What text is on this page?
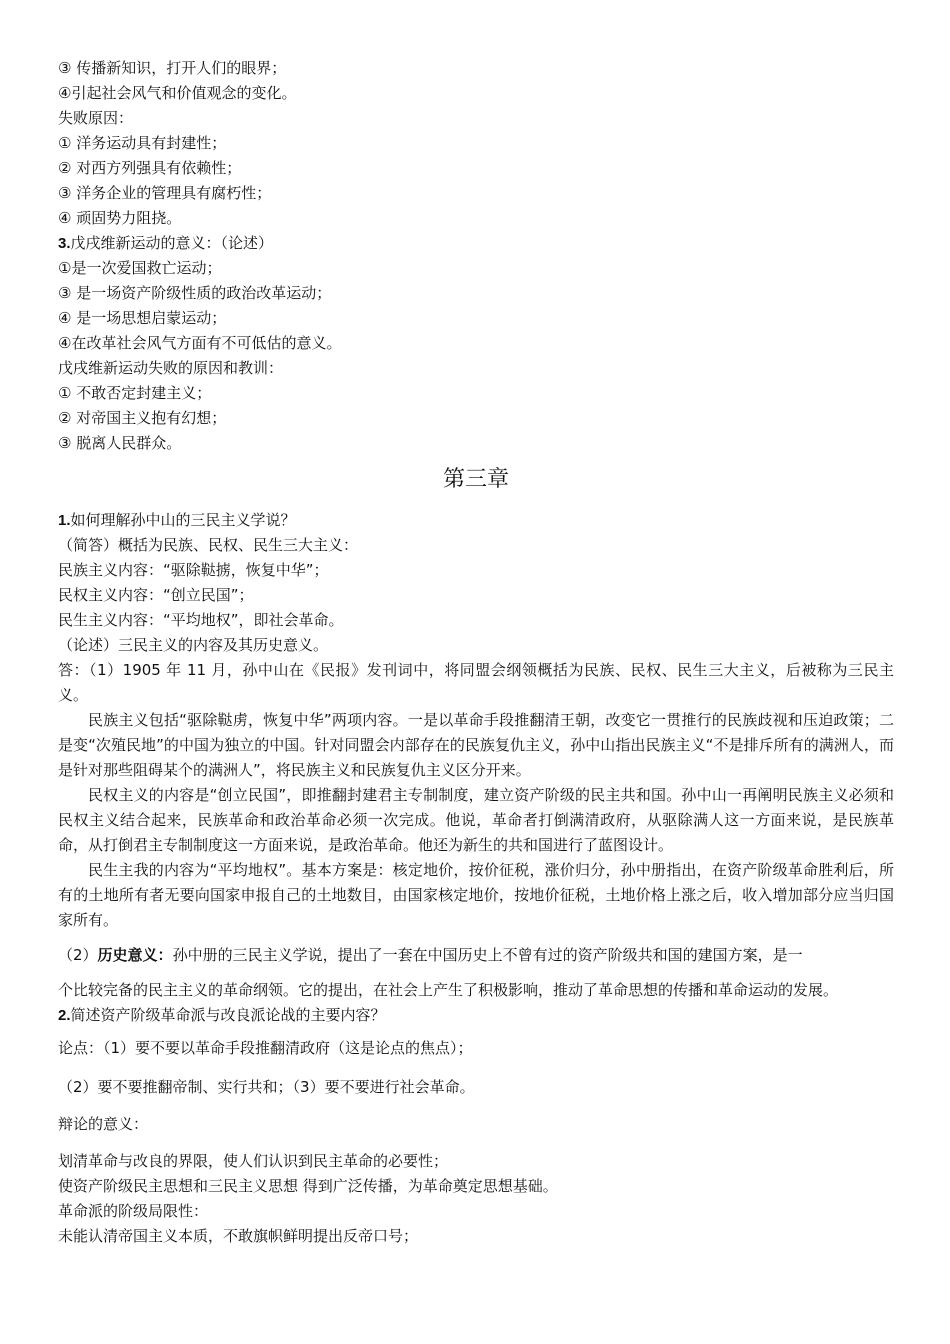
③ 传播新知识，打开人们的眼界；
④引起社会风气和价值观念的变化。
失败原因：
① 洋务运动具有封建性；
② 对西方列强具有依赖性；
③ 洋务企业的管理具有腐朽性；
④ 顽固势力阻挠。
3.戊戌维新运动的意义：（论述）
①是一次爱国救亡运动；
③ 是一场资产阶级性质的政治改革运动；
④ 是一场思想启蒙运动；
④在改革社会风气方面有不可低估的意义。
戊戌维新运动失败的原因和教训：
① 不敢否定封建主义；
② 对帝国主义抱有幻想；
③ 脱离人民群众。
第三章
1.如何理解孙中山的三民主义学说？
（简答）概括为民族、民权、民生三大主义：
民族主义内容：“驱除鞑掳，恢复中华”；
民权主义内容：“创立民国”；
民生主义内容：“平均地权”，即社会革命。
（论述）三民主义的内容及其历史意义。
答：（1）1905 年 11 月，孙中山在《民报》发刊词中，将同盟会纲领概括为民族、民权、民生三大主义，后被称为三民主义。
民族主义包括“驱除鞑虏，恢复中华”两项内容。一是以革命手段推翻清王朝，改变它一贯推行的民族歧视和压迫政策；二是变“次殖民地”的中国为独立的中国。针对同盟会内部存在的民族复仇主义，孙中山指出民族主义“不是排斥所有的满洲人，而是针对那些阻碍某个的满洲人”，将民族主义和民族复仇主义区分开来。
民权主义的内容是“创立民国”，即推翻封建君主专制制度，建立资产阶级的民主共和国。孙中山一再阐明民族主义必须和民权主义结合起来，民族革命和政治革命必须一次完成。他说，革命者打倒满清政府，从驱除满人这一方面来说，是民族革命，从打倒君主专制制度这一方面来说，是政治革命。他还为新生的共和国进行了蓝图设计。
民生主我的内容为“平均地权”。基本方案是：核定地价，按价征税，涨价归分，孙中册指出，在资产阶级革命胜利后，所有的土地所有者无要向国家申报自己的土地数目，由国家核定地价，按地价征税，土地价格上涨之后，收入增加部分应当归国家所有。
（2）历史意义：孙中册的三民主义学说，提出了一套在中国历史上不曾有过的资产阶级共和国的建国方案，是一
个比较完备的民主主义的革命纲领。它的提出，在社会上产生了积极影响，推动了革命思想的传播和革命运动的发展。
2.简述资产阶级革命派与改良派论战的主要内容？
论点：（1）要不要以革命手段推翻清政府（这是论点的焦点）；
（2）要不要推翻帝制、实行共和；（3）要不要进行社会革命。
辩论的意义：
划清革命与改良的界限，使人们认识到民主革命的必要性；
使资产阶级民主思想和三民主义思想 得到广泛传播，为革命奠定思想基础。
革命派的阶级局限性：
未能认清帝国主义本质，不敢旗帜鲜明提出反帝口号；
